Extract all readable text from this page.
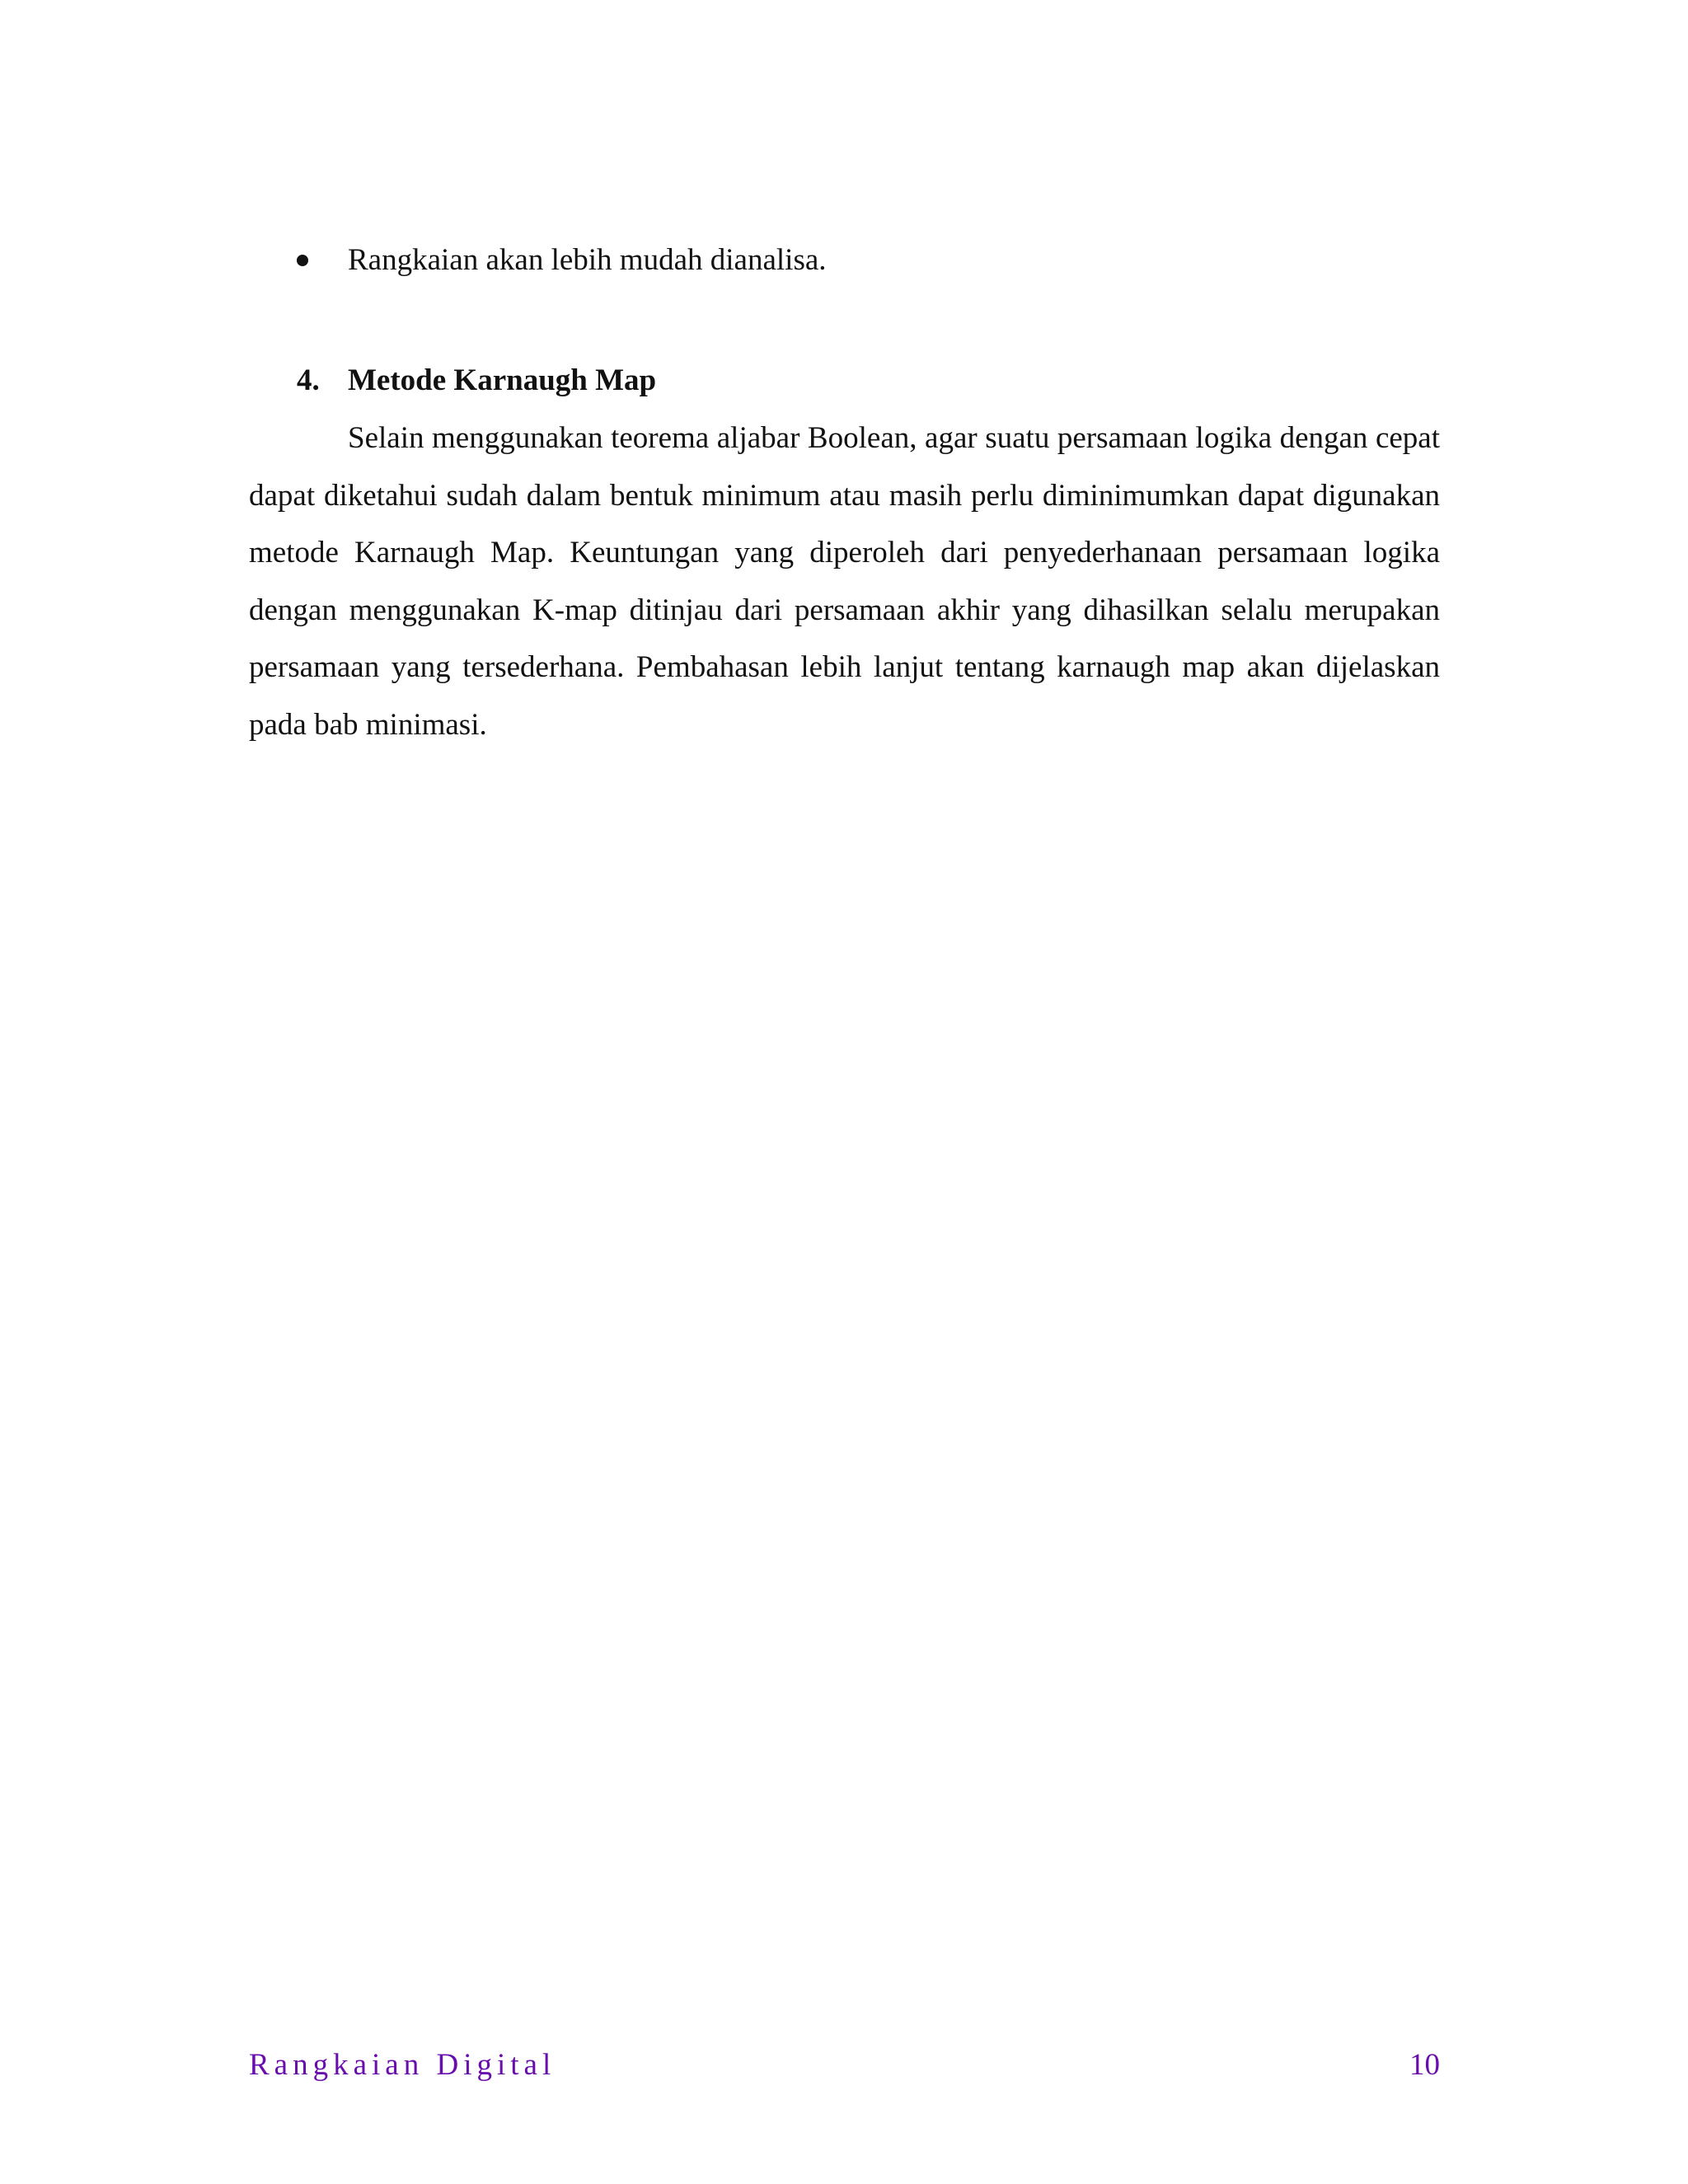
Rangkaian akan lebih mudah dianalisa.
4. Metode Karnaugh Map

Selain menggunakan teorema aljabar Boolean, agar suatu persamaan logika dengan cepat dapat diketahui sudah dalam bentuk minimum atau masih perlu diminimumkan dapat digunakan metode Karnaugh Map. Keuntungan yang diperoleh dari penyederhanaan persamaan logika dengan menggunakan K-map ditinjau dari persamaan akhir yang dihasilkan selalu merupakan persamaan yang tersederhana. Pembahasan lebih lanjut tentang karnaugh map akan dijelaskan pada bab minimasi.

Rangkaian Digital	10
